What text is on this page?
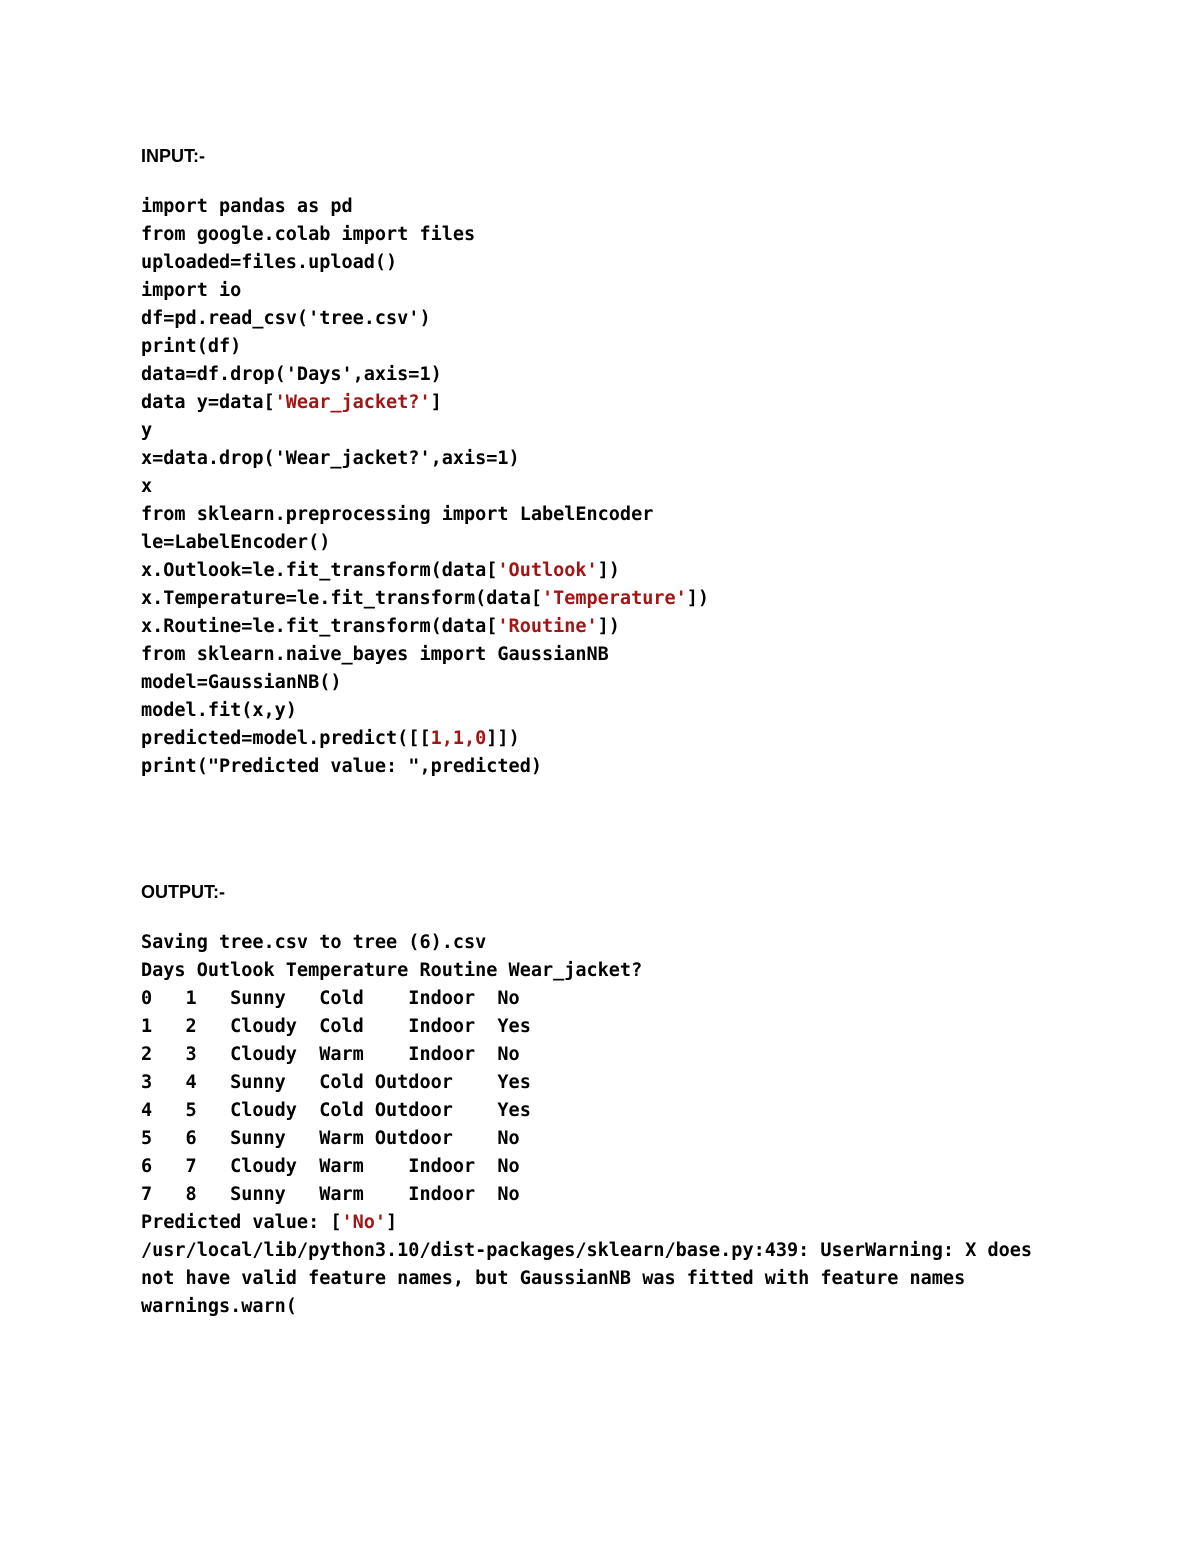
INPUT:-
import pandas as pd
from google.colab import files
uploaded=files.upload()
import io
df=pd.read_csv('tree.csv')
print(df)
data=df.drop('Days',axis=1)
data y=data['Wear_jacket?']
y
x=data.drop('Wear_jacket?',axis=1)
x
from sklearn.preprocessing import LabelEncoder
le=LabelEncoder()
x.Outlook=le.fit_transform(data['Outlook'])
x.Temperature=le.fit_transform(data['Temperature'])
x.Routine=le.fit_transform(data['Routine'])
from sklearn.naive_bayes import GaussianNB
model=GaussianNB()
model.fit(x,y)
predicted=model.predict([[1,1,0]])
print("Predicted value: ",predicted)
OUTPUT:-
Saving tree.csv to tree (6).csv
Days Outlook Temperature Routine Wear_jacket?
0   1   Sunny   Cold    Indoor  No
1   2   Cloudy  Cold    Indoor  Yes
2   3   Cloudy  Warm    Indoor  No
3   4   Sunny   Cold Outdoor    Yes
4   5   Cloudy  Cold Outdoor    Yes
5   6   Sunny   Warm Outdoor    No
6   7   Cloudy  Warm    Indoor  No
7   8   Sunny   Warm    Indoor  No
Predicted value: ['No']
/usr/local/lib/python3.10/dist-packages/sklearn/base.py:439: UserWarning: X does
not have valid feature names, but GaussianNB was fitted with feature names
warnings.warn(
